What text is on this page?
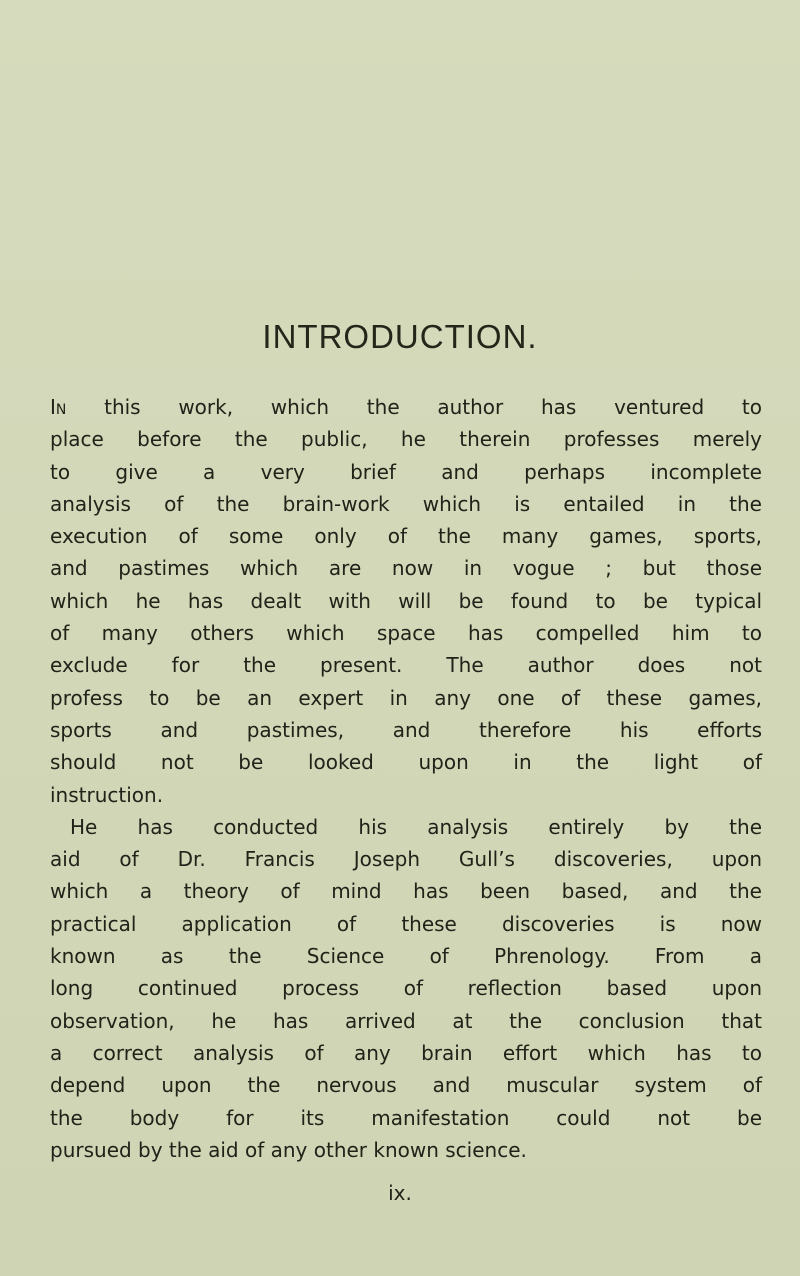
INTRODUCTION.
In this work, which the author has ventured to
place before the public, he therein professes merely
to give a very brief and perhaps incomplete
analysis of the brain-work which is entailed in the
execution of some only of the many games, sports,
and pastimes which are now in vogue ; but those
which he has dealt with will be found to be typical
of many others which space has compelled him to
exclude for the present. The author does not
profess to be an expert in any one of these games,
sports and pastimes, and therefore his efforts
should not be looked upon in the light of
instruction.
He has conducted his analysis entirely by the
aid of Dr. Francis Joseph Gull’s discoveries, upon
which a theory of mind has been based, and the
practical application of these discoveries is now
known as the Science of Phrenology. From a
long continued process of reflection based upon
observation, he has arrived at the conclusion that
a correct analysis of any brain effort which has to
depend upon the nervous and muscular system of
the body for its manifestation could not be
pursued by the aid of any other known science.
ix.
